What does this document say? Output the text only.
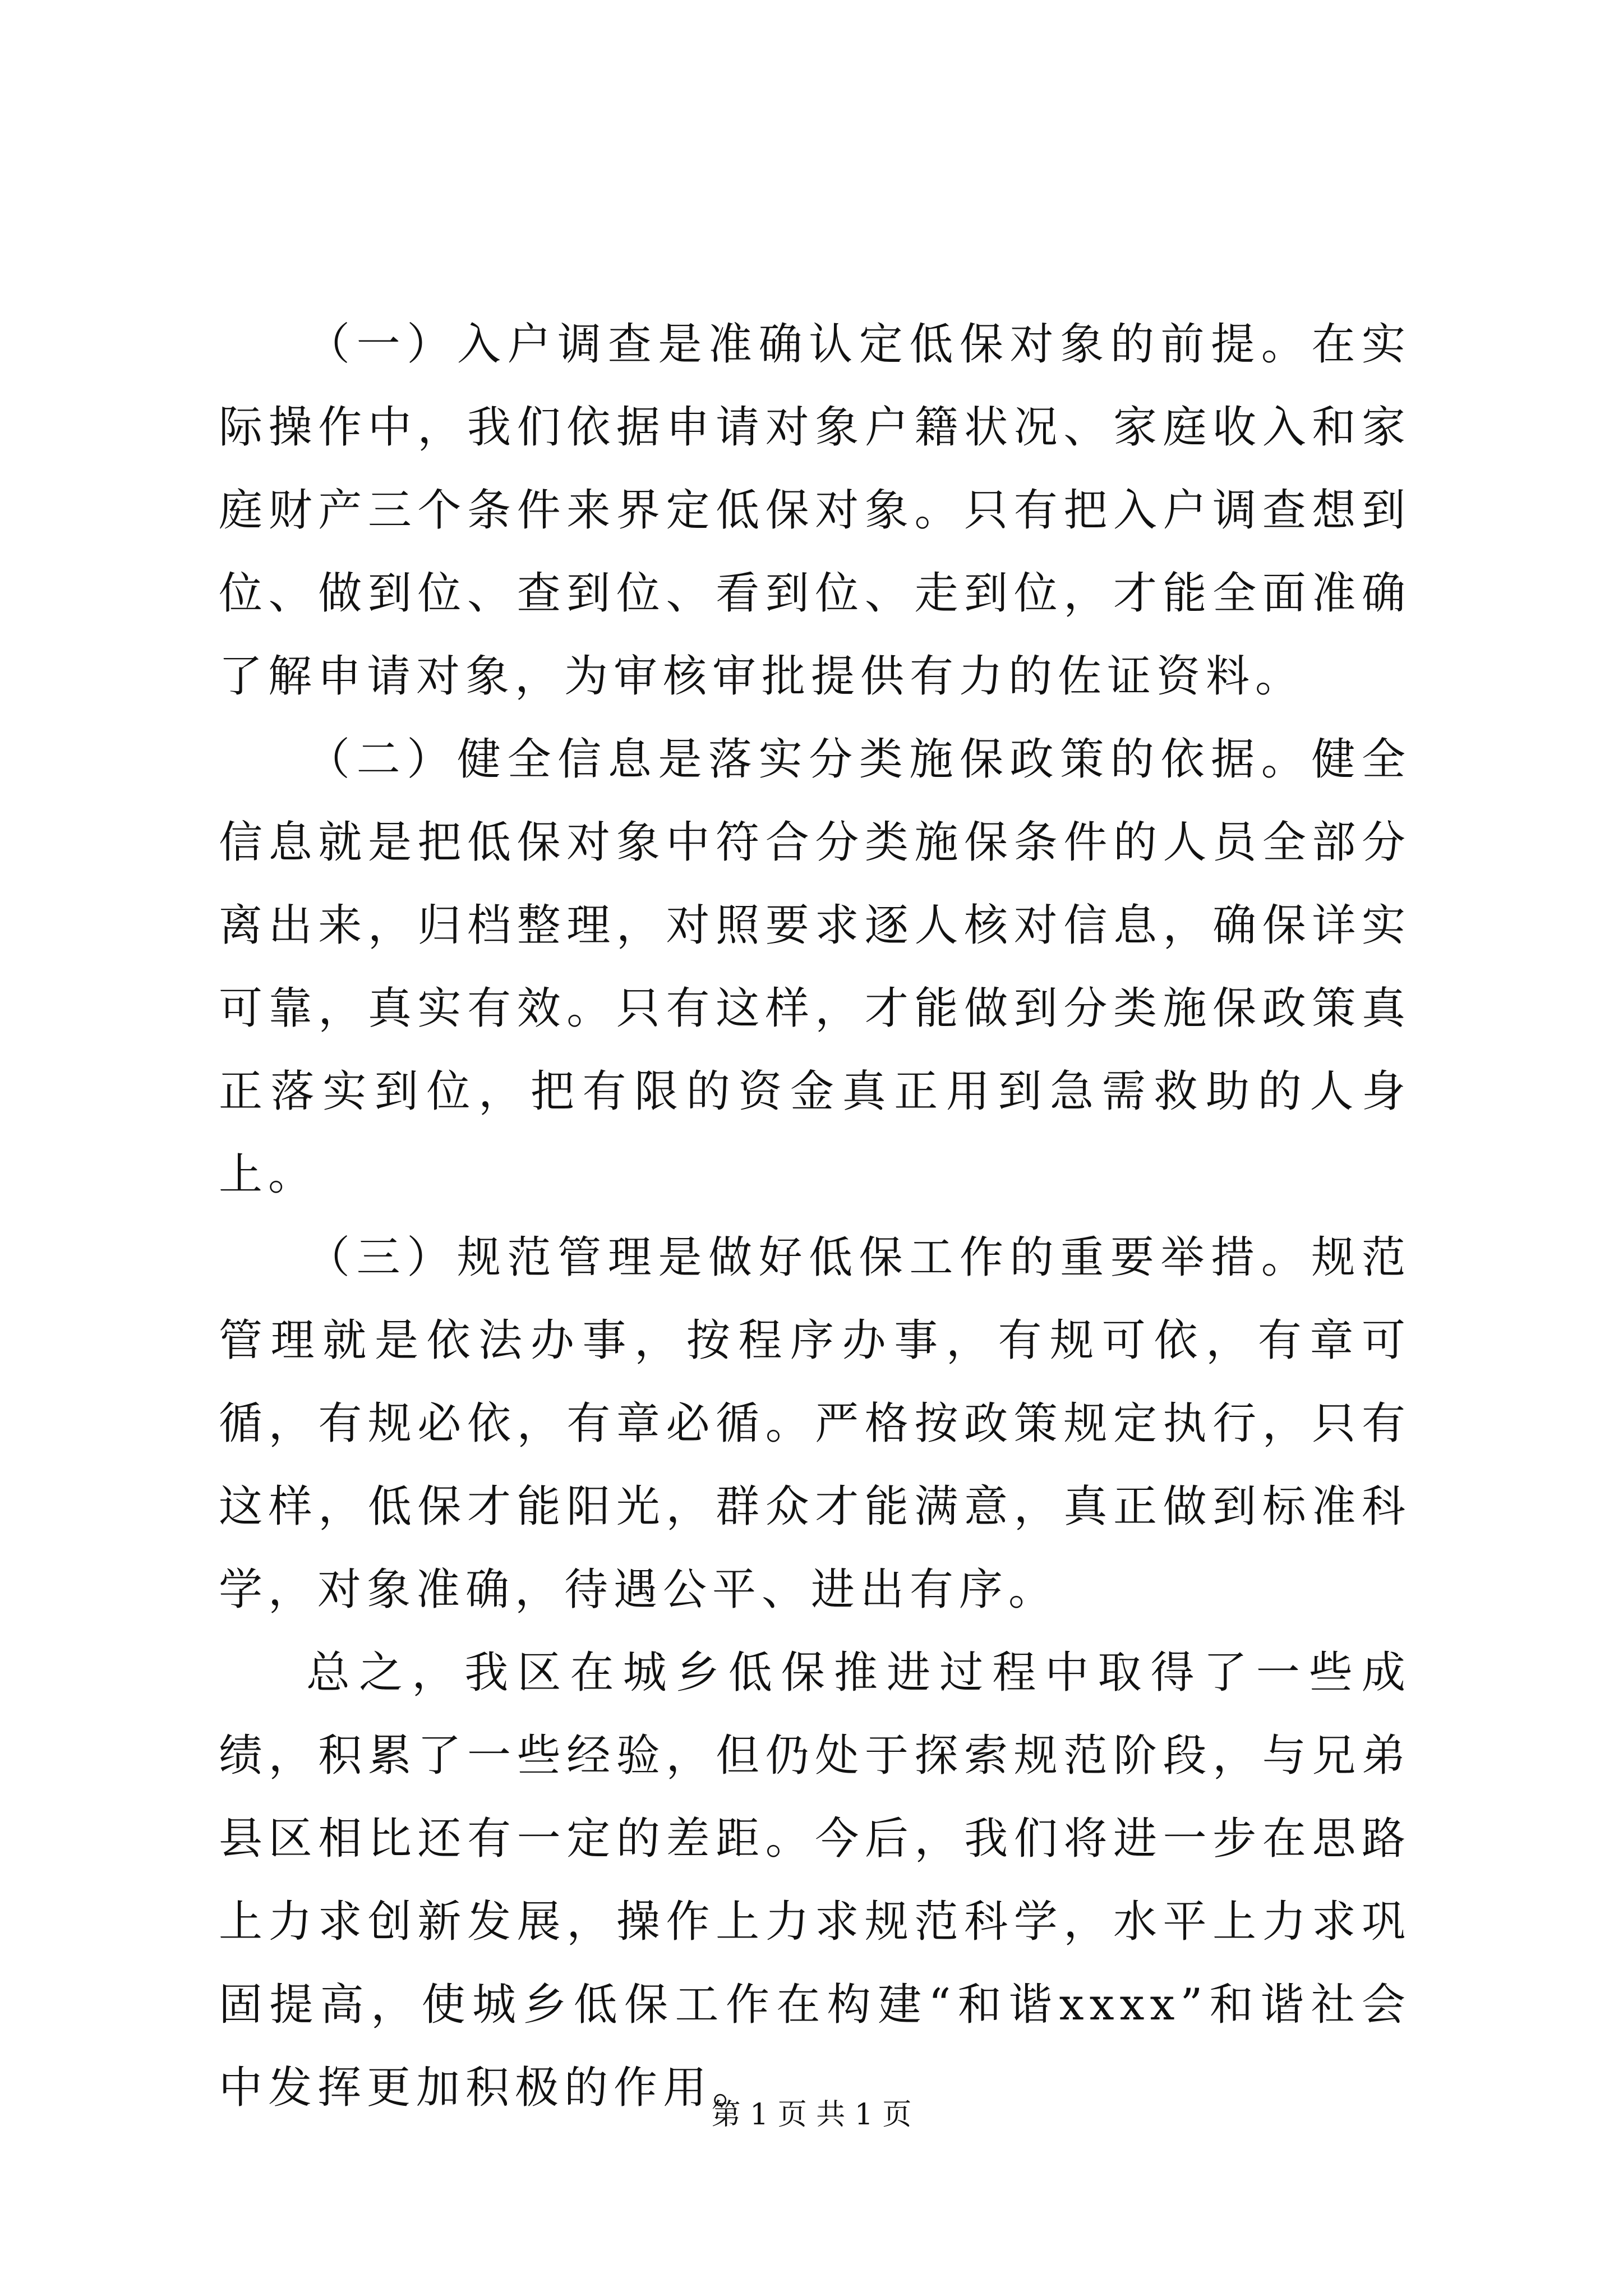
（一）入户调查是准确认定低保对象的前提。在实际操作中，我们依据申请对象户籍状况、家庭收入和家庭财产三个条件来界定低保对象。只有把入户调查想到位、做到位、查到位、看到位、走到位，才能全面准确了解申请对象，为审核审批提供有力的佐证资料。

（二）健全信息是落实分类施保政策的依据。健全信息就是把低保对象中符合分类施保条件的人员全部分离出来，归档整理，对照要求逐人核对信息，确保详实可靠，真实有效。只有这样，才能做到分类施保政策真正落实到位，把有限的资金真正用到急需救助的人身上。

（三）规范管理是做好低保工作的重要举措。规范管理就是依法办事，按程序办事，有规可依，有章可循，有规必依，有章必循。严格按政策规定执行，只有这样，低保才能阳光，群众才能满意，真正做到标准科学，对象准确，待遇公平、进出有序。

总之，我区在城乡低保推进过程中取得了一些成绩，积累了一些经验，但仍处于探索规范阶段，与兄弟县区相比还有一定的差距。今后，我们将进一步在思路上力求创新发展，操作上力求规范科学，水平上力求巩固提高，使城乡低保工作在构建“和谐xxxx”和谐社会中发挥更加积极的作用。

第 1 页 共 1 页
